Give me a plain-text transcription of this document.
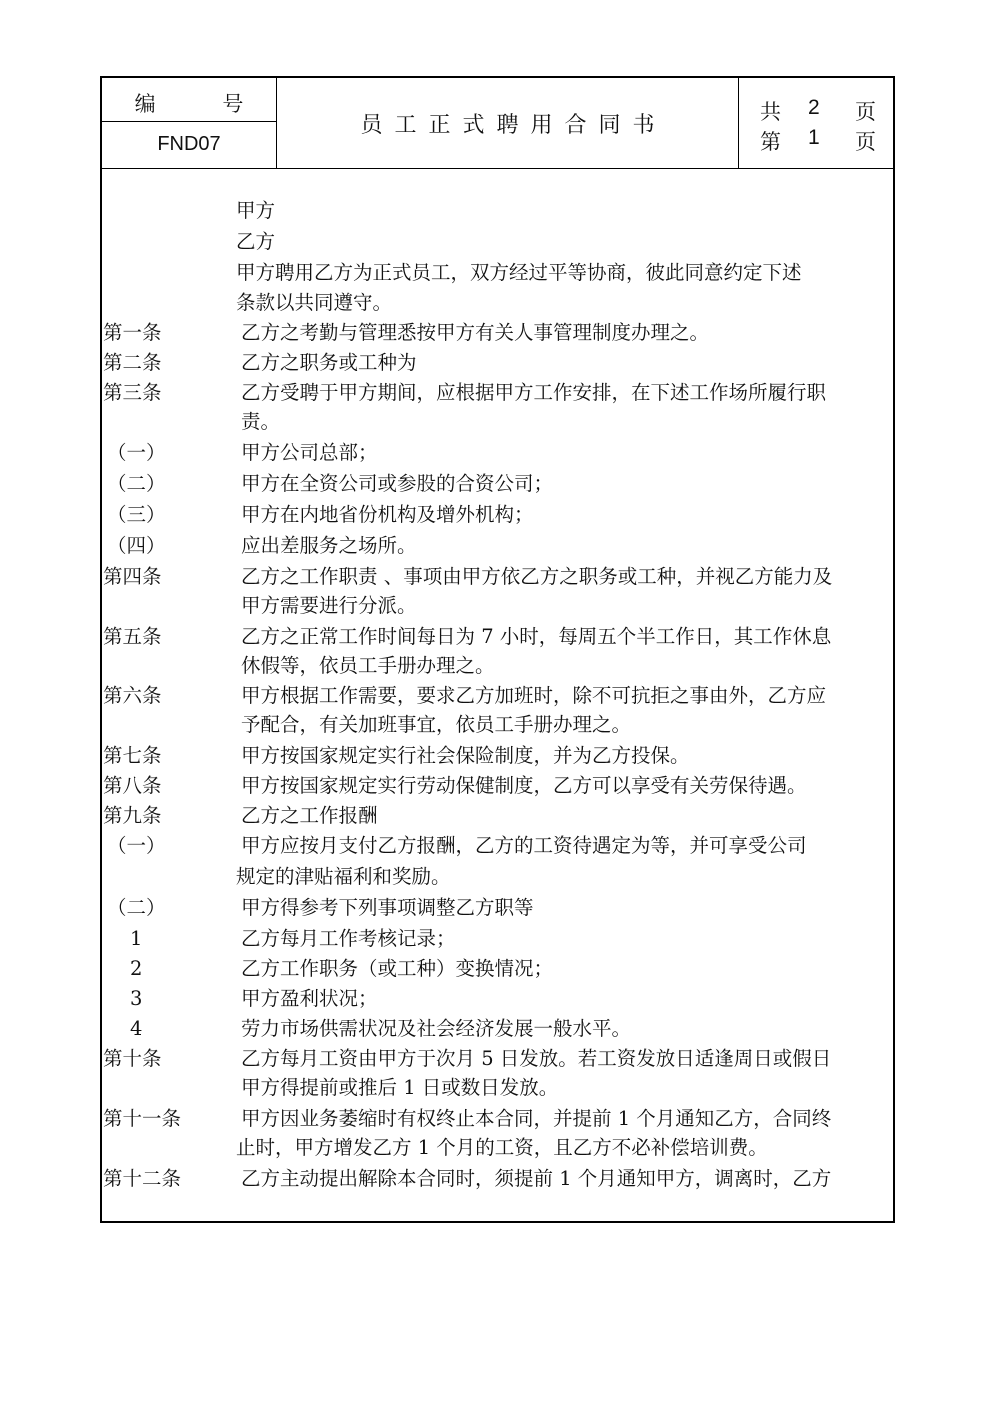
编 号
FND07
员工正式聘用合同书
共 2 页
第 1 页
甲方
乙方
甲方聘用乙方为正式员工，双方经过平等协商，彼此同意约定下述
条款以共同遵守。
第一条	乙方之考勤与管理悉按甲方有关人事管理制度办理之。
第二条	乙方之职务或工种为
第三条	乙方受聘于甲方期间，应根据甲方工作安排，在下述工作场所履行职
责。
（一）	甲方公司总部；
（二）	甲方在全资公司或参股的合资公司；
（三）	甲方在内地省份机构及增外机构；
（四）	应出差服务之场所。
第四条	乙方之工作职责 、事项由甲方依乙方之职务或工种，并视乙方能力及
甲方需要进行分派。
第五条	乙方之正常工作时间每日为 7 小时，每周五个半工作日，其工作休息
休假等，依员工手册办理之。
第六条	甲方根据工作需要，要求乙方加班时，除不可抗拒之事由外，乙方应
予配合，有关加班事宜，依员工手册办理之。
第七条	甲方按国家规定实行社会保险制度，并为乙方投保。
第八条	甲方按国家规定实行劳动保健制度，乙方可以享受有关劳保待遇。
第九条	乙方之工作报酬
（一）	甲方应按月支付乙方报酬，乙方的工资待遇定为等，并可享受公司
规定的津贴福利和奖励。
（二）	甲方得参考下列事项调整乙方职等
1	乙方每月工作考核记录；
2	乙方工作职务（或工种）变换情况；
3	甲方盈利状况；
4	劳力市场供需状况及社会经济发展一般水平。
第十条	乙方每月工资由甲方于次月 5 日发放。若工资发放日适逢周日或假日
甲方得提前或推后 1 日或数日发放。
第十一条	甲方因业务萎缩时有权终止本合同，并提前 1 个月通知乙方，合同终
止时，甲方增发乙方 1 个月的工资，且乙方不必补偿培训费。
第十二条	乙方主动提出解除本合同时，须提前 1 个月通知甲方，调离时，乙方
